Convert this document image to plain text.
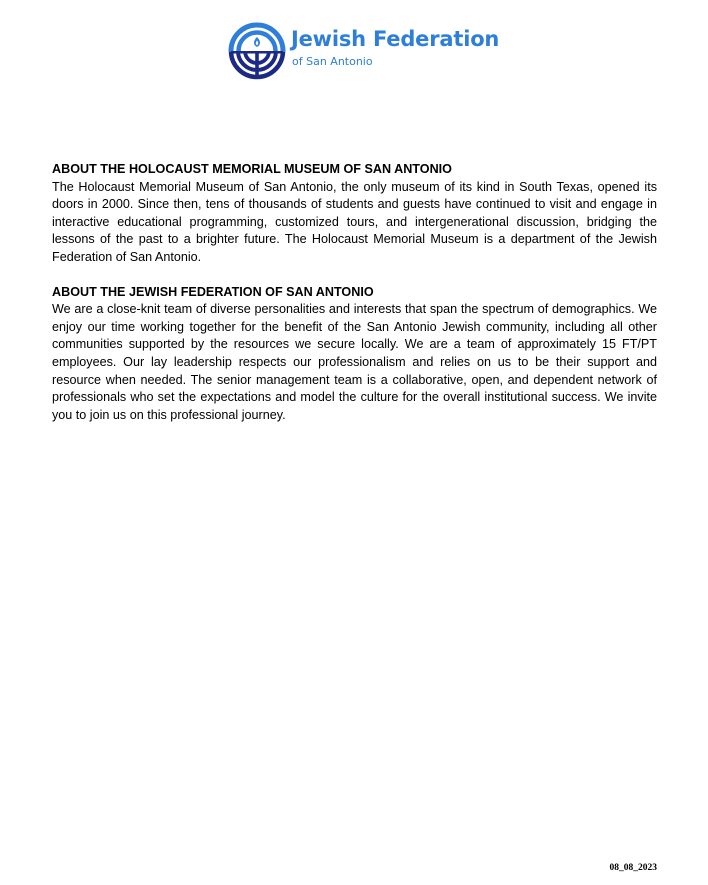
Jewish Federation
of San Antonio

ABOUT THE HOLOCAUST MEMORIAL MUSEUM OF SAN ANTONIO

The Holocaust Memorial Museum of San Antonio, the only museum of its kind in South Texas, opened its doors in 2000. Since then, tens of thousands of students and guests have continued to visit and engage in interactive educational programming, customized tours, and intergenerational discussion, bridging the lessons of the past to a brighter future. The Holocaust Memorial Museum is a department of the Jewish Federation of San Antonio.

ABOUT THE JEWISH FEDERATION OF SAN ANTONIO

We are a close-knit team of diverse personalities and interests that span the spectrum of demographics. We enjoy our time working together for the benefit of the San Antonio Jewish community, including all other communities supported by the resources we secure locally. We are a team of approximately 15 FT/PT employees. Our lay leadership respects our professionalism and relies on us to be their support and resource when needed. The senior management team is a collaborative, open, and dependent network of professionals who set the expectations and model the culture for the overall institutional success. We invite you to join us on this professional journey.

08_08_2023
